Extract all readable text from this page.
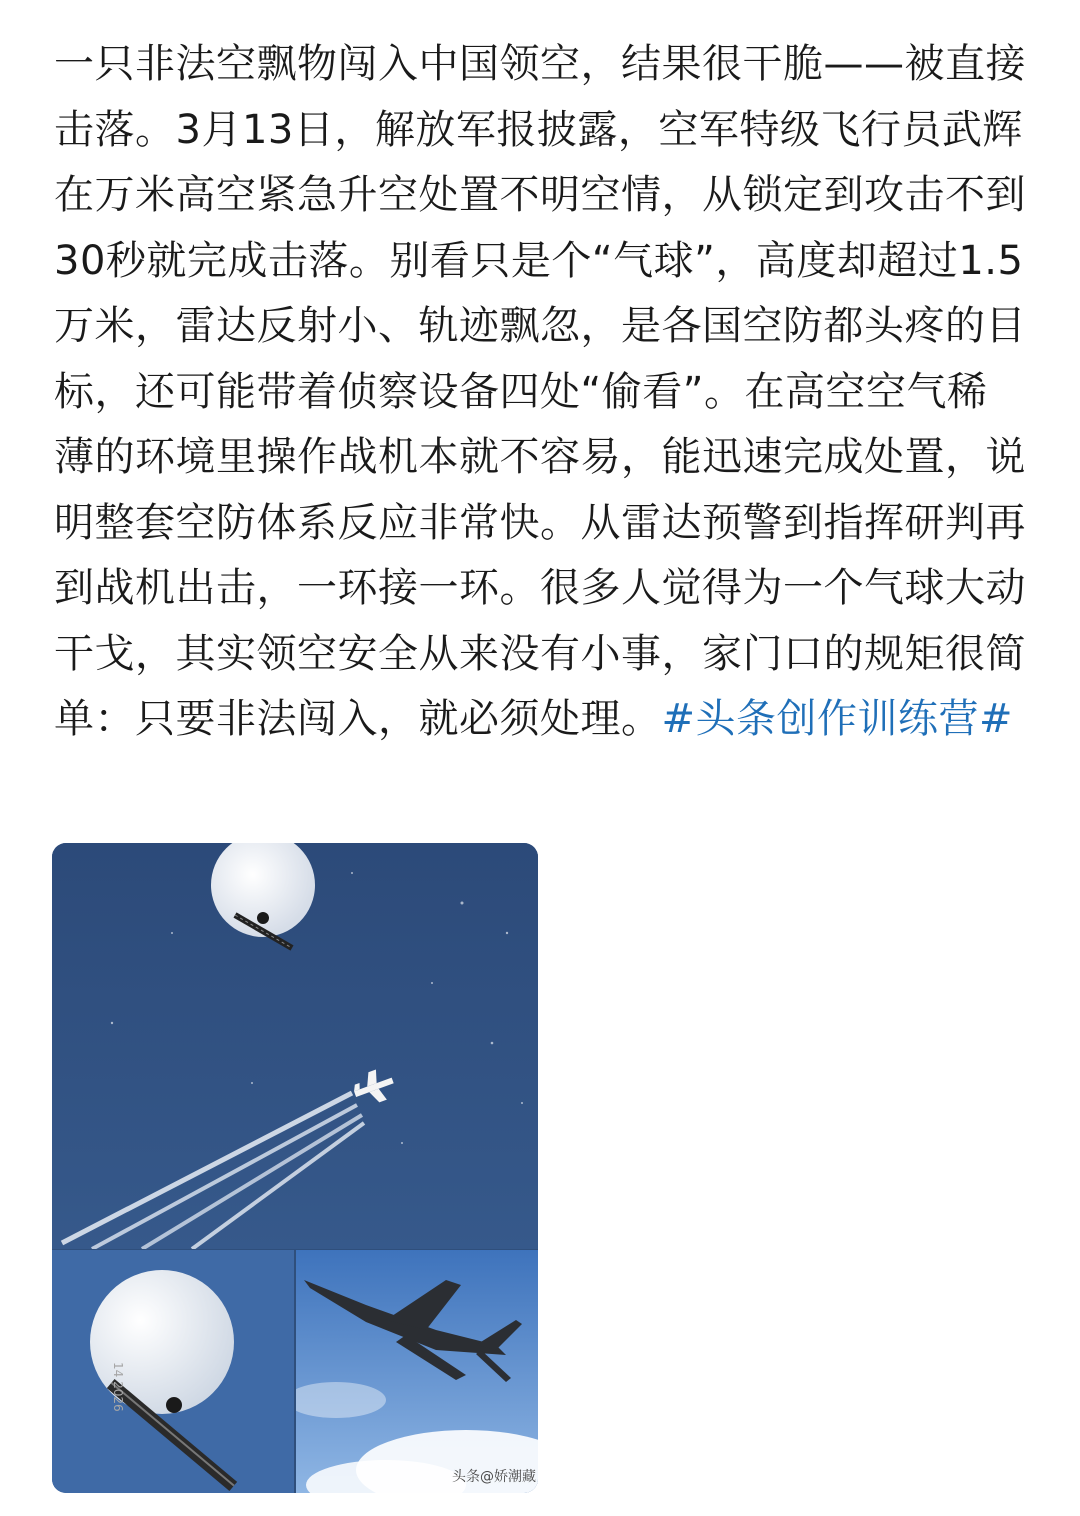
一只非法空飘物闯入中国领空，结果很干脆——被直接击落。3月13日，解放军报披露，空军特级飞行员武辉在万米高空紧急升空处置不明空情，从锁定到攻击不到30秒就完成击落。别看只是个“气球”，高度却超过1.5万米，雷达反射小、轨迹飘忽，是各国空防都头疼的目标，还可能带着侦察设备四处“偷看”。在高空空气稀薄的环境里操作战机本就不容易，能迅速完成处置，说明整套空防体系反应非常快。从雷达预警到指挥研判再到战机出击，一环接一环。很多人觉得为一个气球大动干戈，其实领空安全从来没有小事，家门口的规矩很简单：只要非法闯入，就必须处理。#头条创作训练营#
14 2026
头条@娇潮藏
